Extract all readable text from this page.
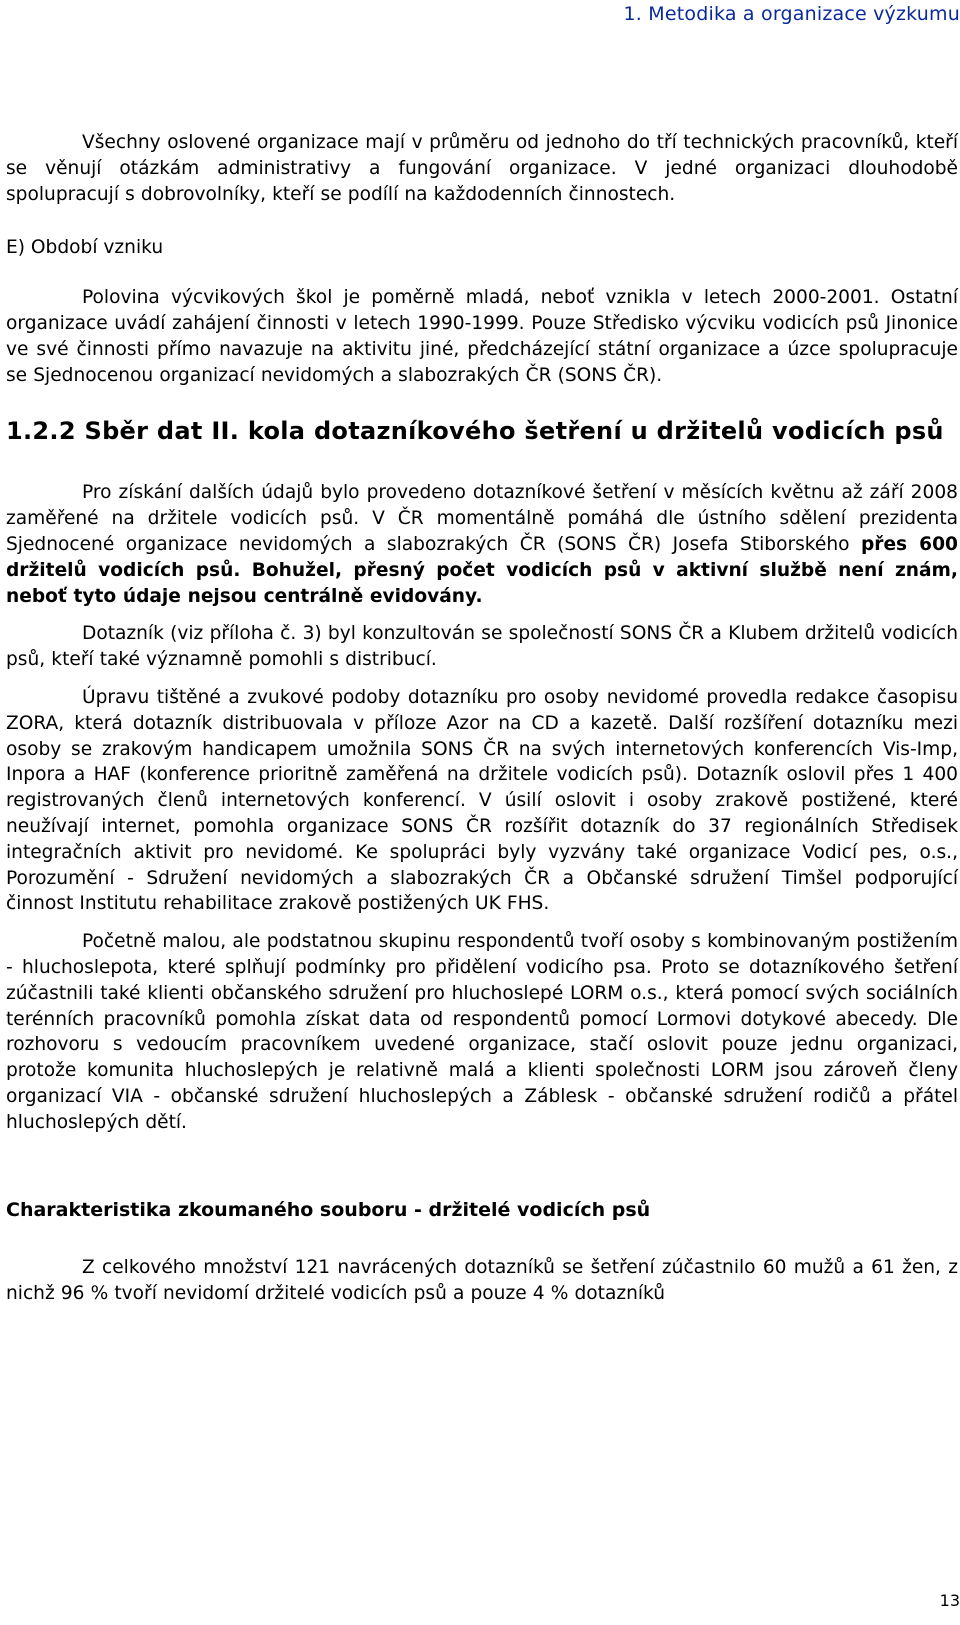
1. Metodika a organizace výzkumu

Všechny oslovené organizace mají v průměru od jednoho do tří technických pracovníků, kteří se věnují otázkám administrativy a fungování organizace. V jedné organizaci dlouhodobě spolupracují s dobrovolníky, kteří se podílí na každodenních činnostech.

E) Období vzniku

Polovina výcvikových škol je poměrně mladá, neboť vznikla v letech 2000-2001. Ostatní organizace uvádí zahájení činnosti v letech 1990-1999. Pouze Středisko výcviku vodicích psů Jinonice ve své činnosti přímo navazuje na aktivitu jiné, předcházející státní organizace a úzce spolupracuje se Sjednocenou organizací nevidomých a slabozrakých ČR (SONS ČR).

1.2.2 Sběr dat II. kola dotazníkového šetření u držitelů vodicích psů

Pro získání dalších údajů bylo provedeno dotazníkové šetření v měsících květnu až září 2008 zaměřené na držitele vodicích psů. V ČR momentálně pomáhá dle ústního sdělení prezidenta Sjednocené organizace nevidomých a slabozrakých ČR (SONS ČR) Josefa Stiborského přes 600 držitelů vodicích psů. Bohužel, přesný počet vodicích psů v aktivní službě není znám, neboť tyto údaje nejsou centrálně evidovány.

Dotazník (viz příloha č. 3) byl konzultován se společností SONS ČR a Klubem držitelů vodicích psů, kteří také významně pomohli s distribucí.

Úpravu tištěné a zvukové podoby dotazníku pro osoby nevidomé provedla redakce časopisu ZORA, která dotazník distribuovala v příloze Azor na CD a kazetě. Další rozšíření dotazníku mezi osoby se zrakovým handicapem umožnila SONS ČR na svých internetových konferencích Vis-Imp, Inpora a HAF (konference prioritně zaměřená na držitele vodicích psů). Dotazník oslovil přes 1 400 registrovaných členů internetových konferencí. V úsilí oslovit i osoby zrakově postižené, které neužívají internet, pomohla organizace SONS ČR rozšířit dotazník do 37 regionálních Středisek integračních aktivit pro nevidomé. Ke spolupráci byly vyzvány také organizace Vodicí pes, o.s., Porozumění - Sdružení nevidomých a slabozrakých ČR a Občanské sdružení Timšel podporující činnost Institutu rehabilitace zrakově postižených UK FHS.

Početně malou, ale podstatnou skupinu respondentů tvoří osoby s kombinovaným postižením - hluchoslepota, které splňují podmínky pro přidělení vodicího psa. Proto se dotazníkového šetření zúčastnili také klienti občanského sdružení pro hluchoslepé LORM o.s., která pomocí svých sociálních terénních pracovníků pomohla získat data od respondentů pomocí Lormovi dotykové abecedy. Dle rozhovoru s vedoucím pracovníkem uvedené organizace, stačí oslovit pouze jednu organizaci, protože komunita hluchoslepých je relativně malá a klienti společnosti LORM jsou zároveň členy organizací VIA - občanské sdružení hluchoslepých a Záblesk - občanské sdružení rodičů a přátel hluchoslepých dětí.

Charakteristika zkoumaného souboru - držitelé vodicích psů

Z celkového množství 121 navrácených dotazníků se šetření zúčastnilo 60 mužů a 61 žen, z nichž 96 % tvoří nevidomí držitelé vodicích psů a pouze 4 % dotazníků

13
